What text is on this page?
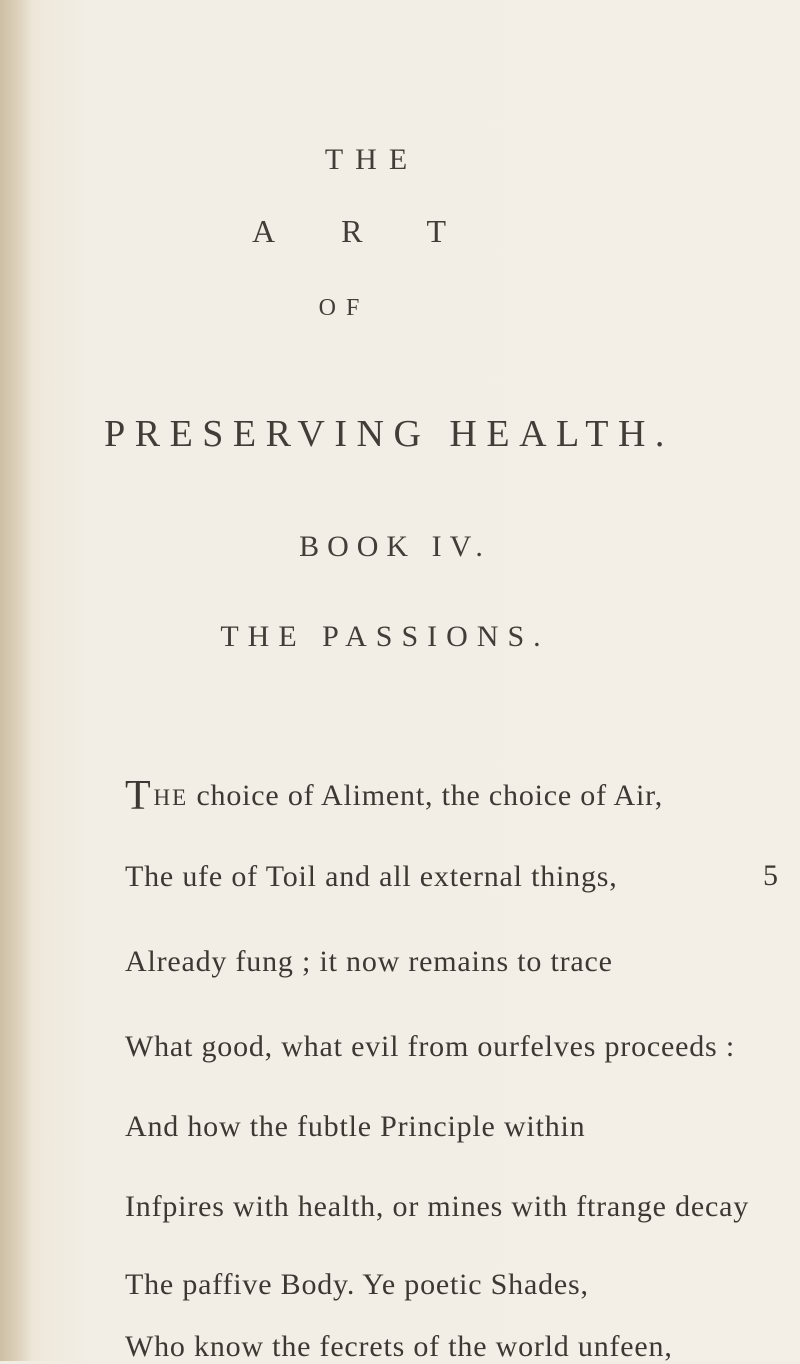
THE
ART
OF
PRESERVING HEALTH.
BOOK IV.
THE PASSIONS.
THE choice of Aliment, the choice of Air,
The ufe of Toil and all external things,
Already fung ; it now remains to trace
What good, what evil from ourfelves proceeds :
And how the fubtle Principle within
Infpires with health, or mines with ftrange decay
The paffive Body. Ye poetic Shades,
Who know the fecrets of the world unfeen,
5
